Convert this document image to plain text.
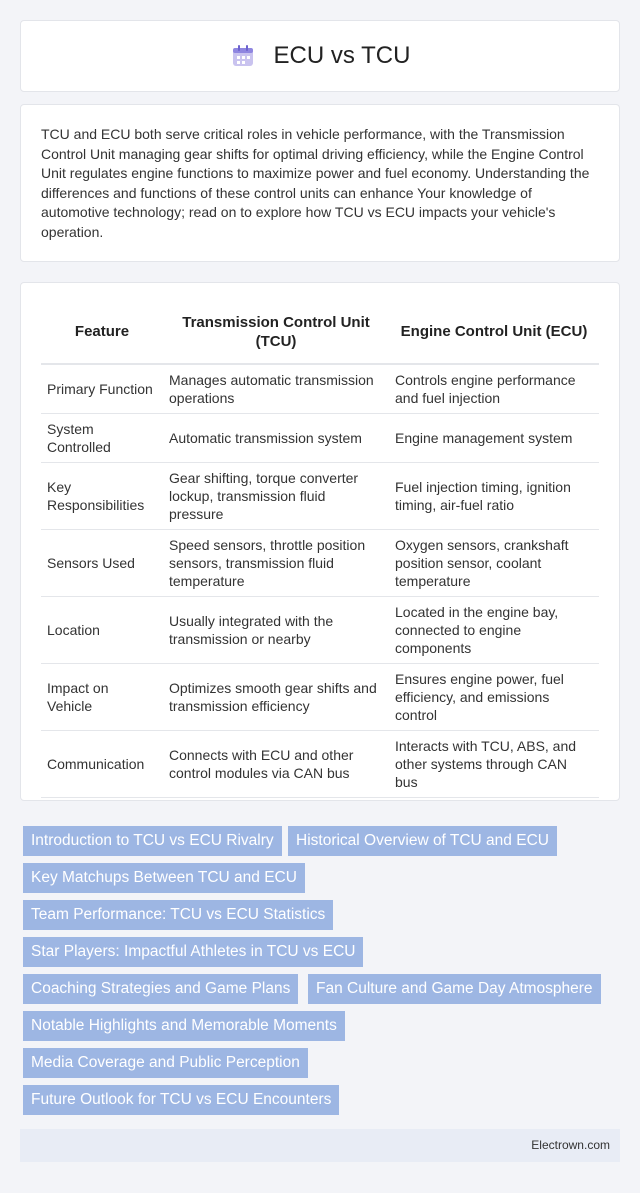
ECU vs TCU

TCU and ECU both serve critical roles in vehicle performance, with the Transmission Control Unit managing gear shifts for optimal driving efficiency, while the Engine Control Unit regulates engine functions to maximize power and fuel economy. Understanding the differences and functions of these control units can enhance Your knowledge of automotive technology; read on to explore how TCU vs ECU impacts your vehicle's operation.

Feature	Transmission Control Unit (TCU)	Engine Control Unit (ECU)
Primary Function	Manages automatic transmission operations	Controls engine performance and fuel injection
System Controlled	Automatic transmission system	Engine management system
Key Responsibilities	Gear shifting, torque converter lockup, transmission fluid pressure	Fuel injection timing, ignition timing, air-fuel ratio
Sensors Used	Speed sensors, throttle position sensors, transmission fluid temperature	Oxygen sensors, crankshaft position sensor, coolant temperature
Location	Usually integrated with the transmission or nearby	Located in the engine bay, connected to engine components
Impact on Vehicle	Optimizes smooth gear shifts and transmission efficiency	Ensures engine power, fuel efficiency, and emissions control
Communication	Connects with ECU and other control modules via CAN bus	Interacts with TCU, ABS, and other systems through CAN bus
Introduction to TCU vs ECU Rivalry	Historical Overview of TCU and ECU
Key Matchups Between TCU and ECU
Team Performance: TCU vs ECU Statistics
Star Players: Impactful Athletes in TCU vs ECU
Coaching Strategies and Game Plans	Fan Culture and Game Day Atmosphere
Notable Highlights and Memorable Moments
Media Coverage and Public Perception
Future Outlook for TCU vs ECU Encounters
Electrown.com
